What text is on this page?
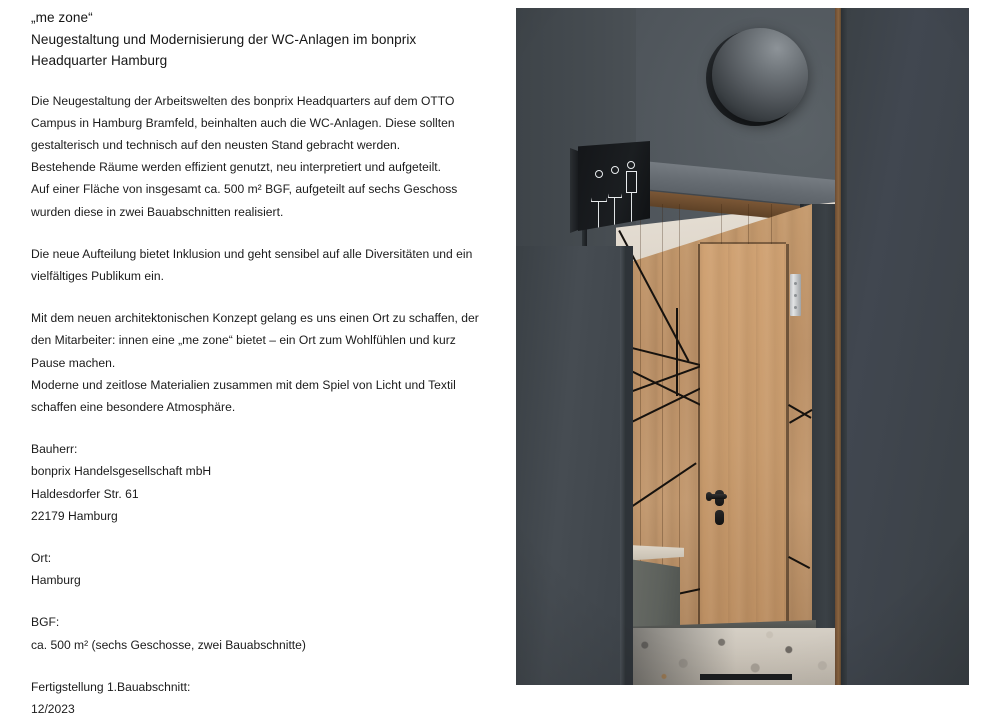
„me zone“
Neugestaltung und Modernisierung der WC-Anlagen im bonprix
Headquarter Hamburg

Die Neugestaltung der Arbeitswelten des bonprix Headquarters auf dem OTTO

Campus in Hamburg Bramfeld, beinhalten auch die WC-Anlagen. Diese sollten

gestalterisch und technisch auf den neusten Stand gebracht werden.

Bestehende Räume werden effizient genutzt, neu interpretiert und aufgeteilt.

Auf einer Fläche von insgesamt ca. 500 m² BGF, aufgeteilt auf sechs Geschoss

wurden diese in zwei Bauabschnitten realisiert.

Die neue Aufteilung bietet Inklusion und geht sensibel auf alle Diversitäten und ein

vielfältiges Publikum ein.

Mit dem neuen architektonischen Konzept gelang es uns einen Ort zu schaffen, der

den Mitarbeiter: innen eine „me zone“ bietet – ein Ort zum Wohlfühlen und kurz

Pause machen.

Moderne und zeitlose Materialien zusammen mit dem Spiel von Licht und Textil

schaffen eine besondere Atmosphäre.

Bauherr:

bonprix Handelsgesellschaft mbH

Haldesdorfer Str. 61

22179 Hamburg

Ort:

Hamburg

BGF:

ca. 500 m² (sechs Geschosse, zwei Bauabschnitte)

Fertigstellung 1.Bauabschnitt:

12/2023
